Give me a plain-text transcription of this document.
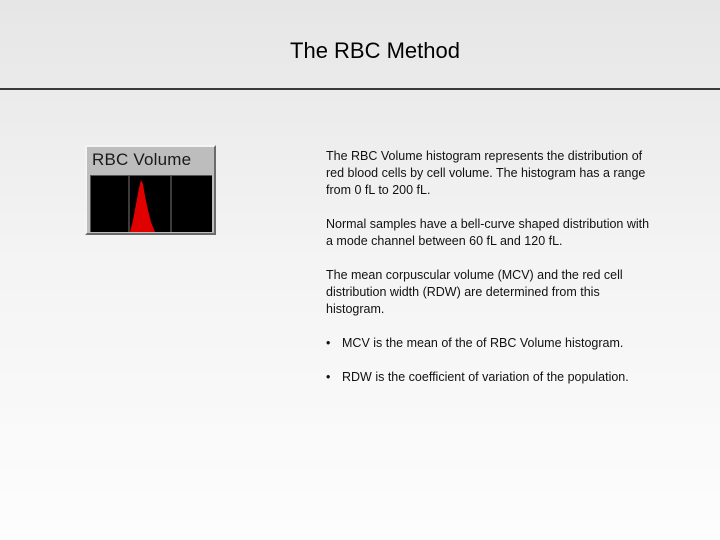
The RBC Method
RBC Volume	The RBC Volume histogram represents the distribution of red blood cells by cell volume. The histogram has a range from 0 fL to 200 fL.

Normal samples have a bell-curve shaped distribution with a mode channel between 60 fL and 120 fL.

The mean corpuscular volume (MCV) and the red cell distribution width (RDW) are determined from this histogram.

• MCV is the mean of the of RBC Volume histogram.
• RDW is the coefficient of variation of the population.
